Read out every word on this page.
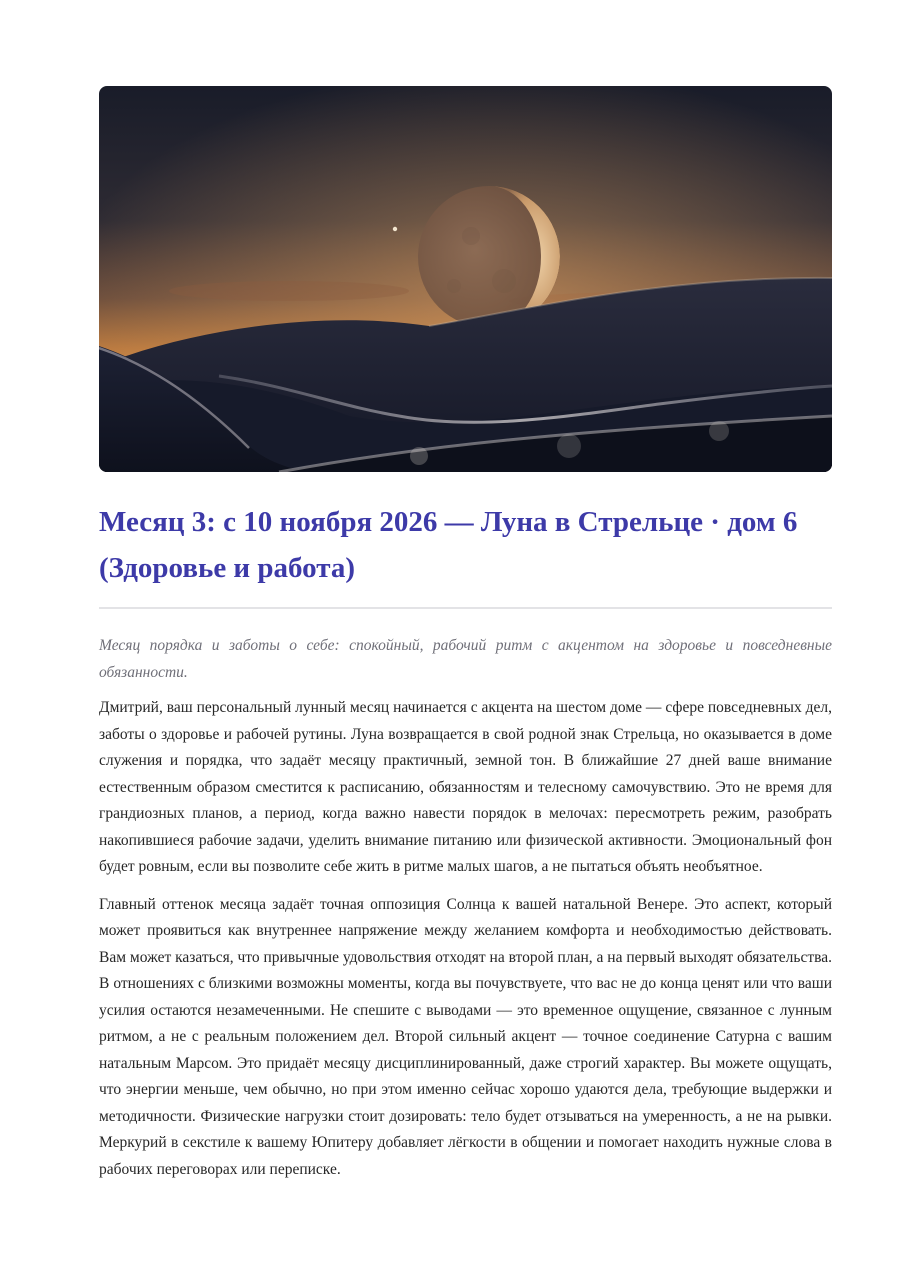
Месяц 3: с 10 ноября 2026 — Луна в Стрельце · дом 6 (Здоровье и работа)

Месяц порядка и заботы о себе: спокойный, рабочий ритм с акцентом на здоровье и повседневные обязанности.

Дмитрий, ваш персональный лунный месяц начинается с акцента на шестом доме — сфере повседневных дел, заботы о здоровье и рабочей рутины. Луна возвращается в свой родной знак Стрельца, но оказывается в доме служения и порядка, что задаёт месяцу практичный, земной тон. В ближайшие 27 дней ваше внимание естественным образом сместится к расписанию, обязанностям и телесному самочувствию. Это не время для грандиозных планов, а период, когда важно навести порядок в мелочах: пересмотреть режим, разобрать накопившиеся рабочие задачи, уделить внимание питанию или физической активности. Эмоциональный фон будет ровным, если вы позволите себе жить в ритме малых шагов, а не пытаться объять необъятное.

Главный оттенок месяца задаёт точная оппозиция Солнца к вашей натальной Венере. Это аспект, который может проявиться как внутреннее напряжение между желанием комфорта и необходимостью действовать. Вам может казаться, что привычные удовольствия отходят на второй план, а на первый выходят обязательства. В отношениях с близкими возможны моменты, когда вы почувствуете, что вас не до конца ценят или что ваши усилия остаются незамеченными. Не спешите с выводами — это временное ощущение, связанное с лунным ритмом, а не с реальным положением дел. Второй сильный акцент — точное соединение Сатурна с вашим натальным Марсом. Это придаёт месяцу дисциплинированный, даже строгий характер. Вы можете ощущать, что энергии меньше, чем обычно, но при этом именно сейчас хорошо удаются дела, требующие выдержки и методичности. Физические нагрузки стоит дозировать: тело будет отзываться на умеренность, а не на рывки. Меркурий в секстиле к вашему Юпитеру добавляет лёгкости в общении и помогает находить нужные слова в рабочих переговорах или переписке.
